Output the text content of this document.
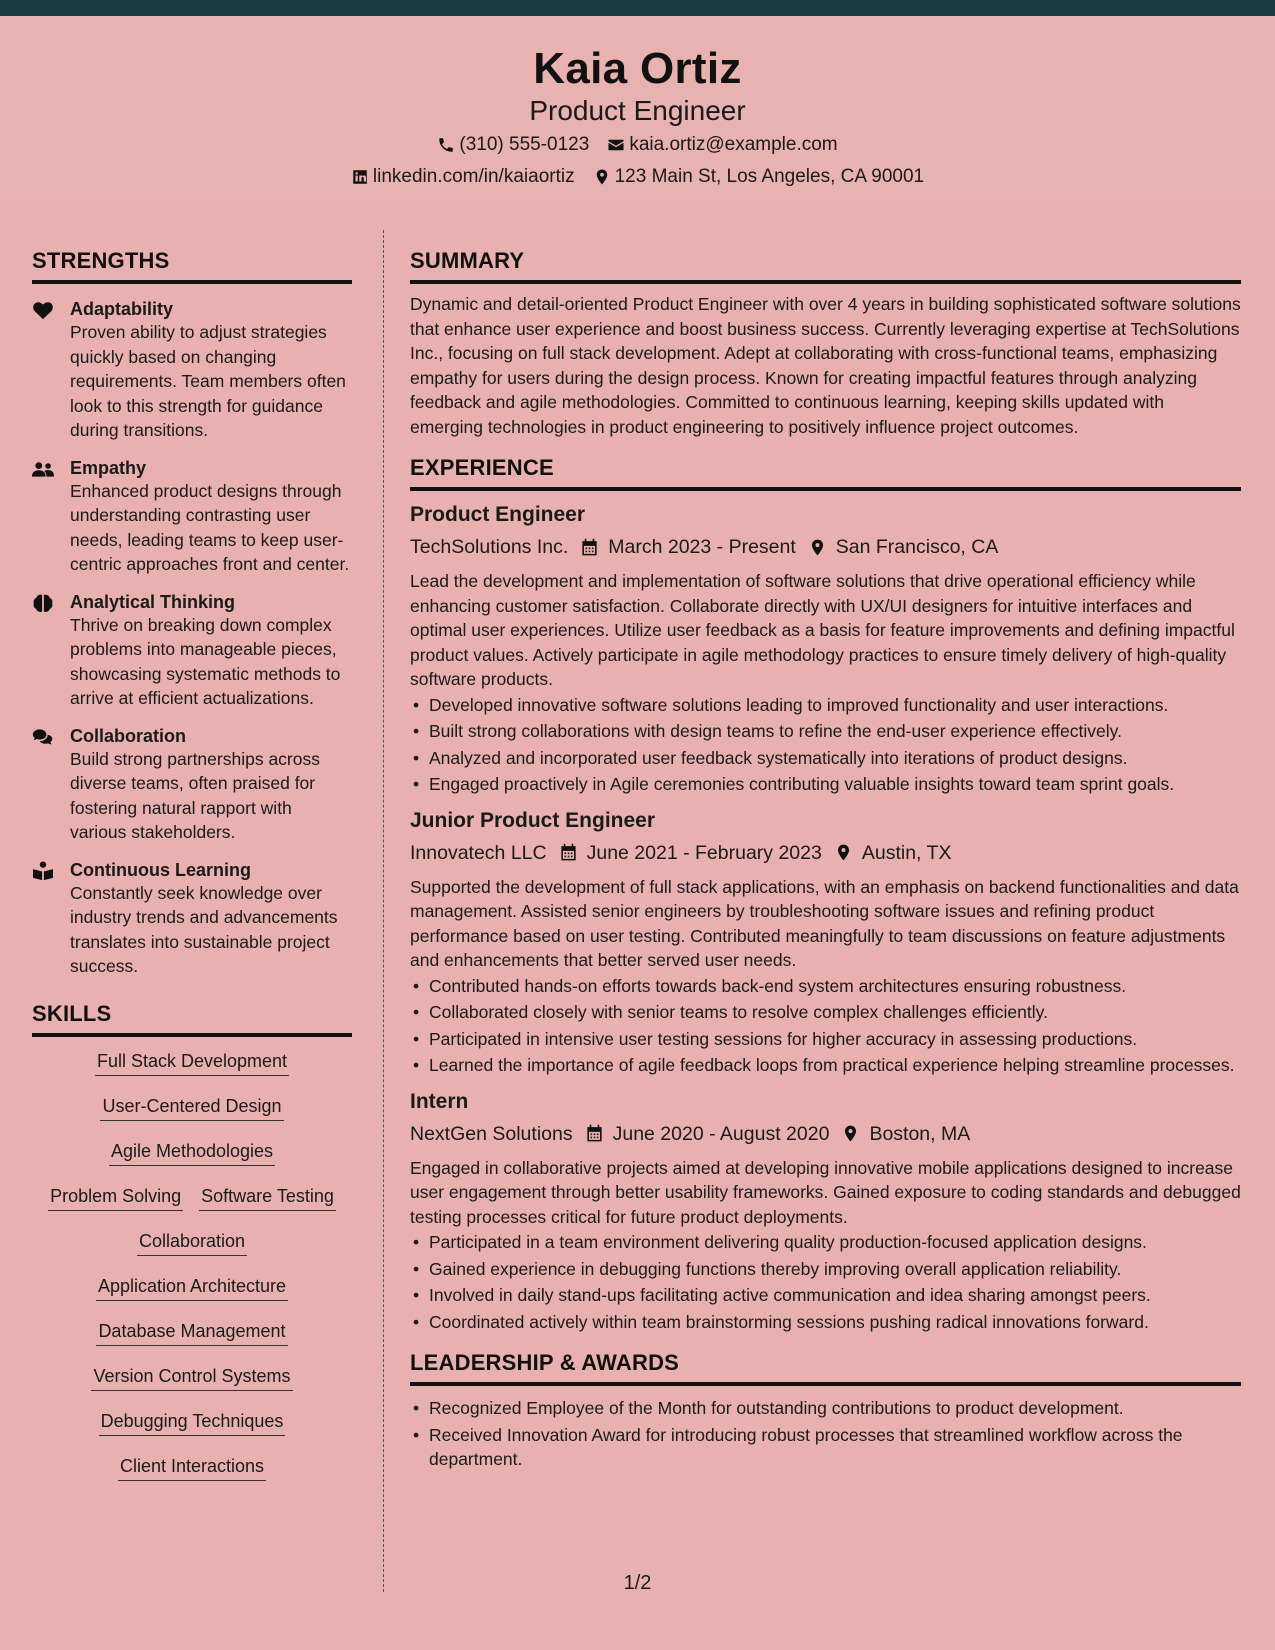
Kaia Ortiz
Product Engineer
(310) 555-0123 kaia.ortiz@example.com
linkedin.com/in/kaiaortiz 123 Main St, Los Angeles, CA 90001
STRENGTHS
Adaptability
Proven ability to adjust strategies quickly based on changing requirements. Team members often look to this strength for guidance during transitions.
Empathy
Enhanced product designs through understanding contrasting user needs, leading teams to keep user-centric approaches front and center.
Analytical Thinking
Thrive on breaking down complex problems into manageable pieces, showcasing systematic methods to arrive at efficient actualizations.
Collaboration
Build strong partnerships across diverse teams, often praised for fostering natural rapport with various stakeholders.
Continuous Learning
Constantly seek knowledge over industry trends and advancements translates into sustainable project success.
SKILLS
Full Stack Development
User-Centered Design
Agile Methodologies
Problem Solving Software Testing
Collaboration
Application Architecture
Database Management
Version Control Systems
Debugging Techniques
Client Interactions
SUMMARY
Dynamic and detail-oriented Product Engineer with over 4 years in building sophisticated software solutions that enhance user experience and boost business success. Currently leveraging expertise at TechSolutions Inc., focusing on full stack development. Adept at collaborating with cross-functional teams, emphasizing empathy for users during the design process. Known for creating impactful features through analyzing feedback and agile methodologies. Committed to continuous learning, keeping skills updated with emerging technologies in product engineering to positively influence project outcomes.
EXPERIENCE
Product Engineer
TechSolutions Inc. March 2023 - Present San Francisco, CA
Lead the development and implementation of software solutions that drive operational efficiency while enhancing customer satisfaction. Collaborate directly with UX/UI designers for intuitive interfaces and optimal user experiences. Utilize user feedback as a basis for feature improvements and defining impactful product values. Actively participate in agile methodology practices to ensure timely delivery of high-quality software products.
• Developed innovative software solutions leading to improved functionality and user interactions.
• Built strong collaborations with design teams to refine the end-user experience effectively.
• Analyzed and incorporated user feedback systematically into iterations of product designs.
• Engaged proactively in Agile ceremonies contributing valuable insights toward team sprint goals.
Junior Product Engineer
Innovatech LLC June 2021 - February 2023 Austin, TX
Supported the development of full stack applications, with an emphasis on backend functionalities and data management. Assisted senior engineers by troubleshooting software issues and refining product performance based on user testing. Contributed meaningfully to team discussions on feature adjustments and enhancements that better served user needs.
• Contributed hands-on efforts towards back-end system architectures ensuring robustness.
• Collaborated closely with senior teams to resolve complex challenges efficiently.
• Participated in intensive user testing sessions for higher accuracy in assessing productions.
• Learned the importance of agile feedback loops from practical experience helping streamline processes.
Intern
NextGen Solutions June 2020 - August 2020 Boston, MA
Engaged in collaborative projects aimed at developing innovative mobile applications designed to increase user engagement through better usability frameworks. Gained exposure to coding standards and debugged testing processes critical for future product deployments.
• Participated in a team environment delivering quality production-focused application designs.
• Gained experience in debugging functions thereby improving overall application reliability.
• Involved in daily stand-ups facilitating active communication and idea sharing amongst peers.
• Coordinated actively within team brainstorming sessions pushing radical innovations forward.
LEADERSHIP & AWARDS
• Recognized Employee of the Month for outstanding contributions to product development.
• Received Innovation Award for introducing robust processes that streamlined workflow across the department.
1/2
